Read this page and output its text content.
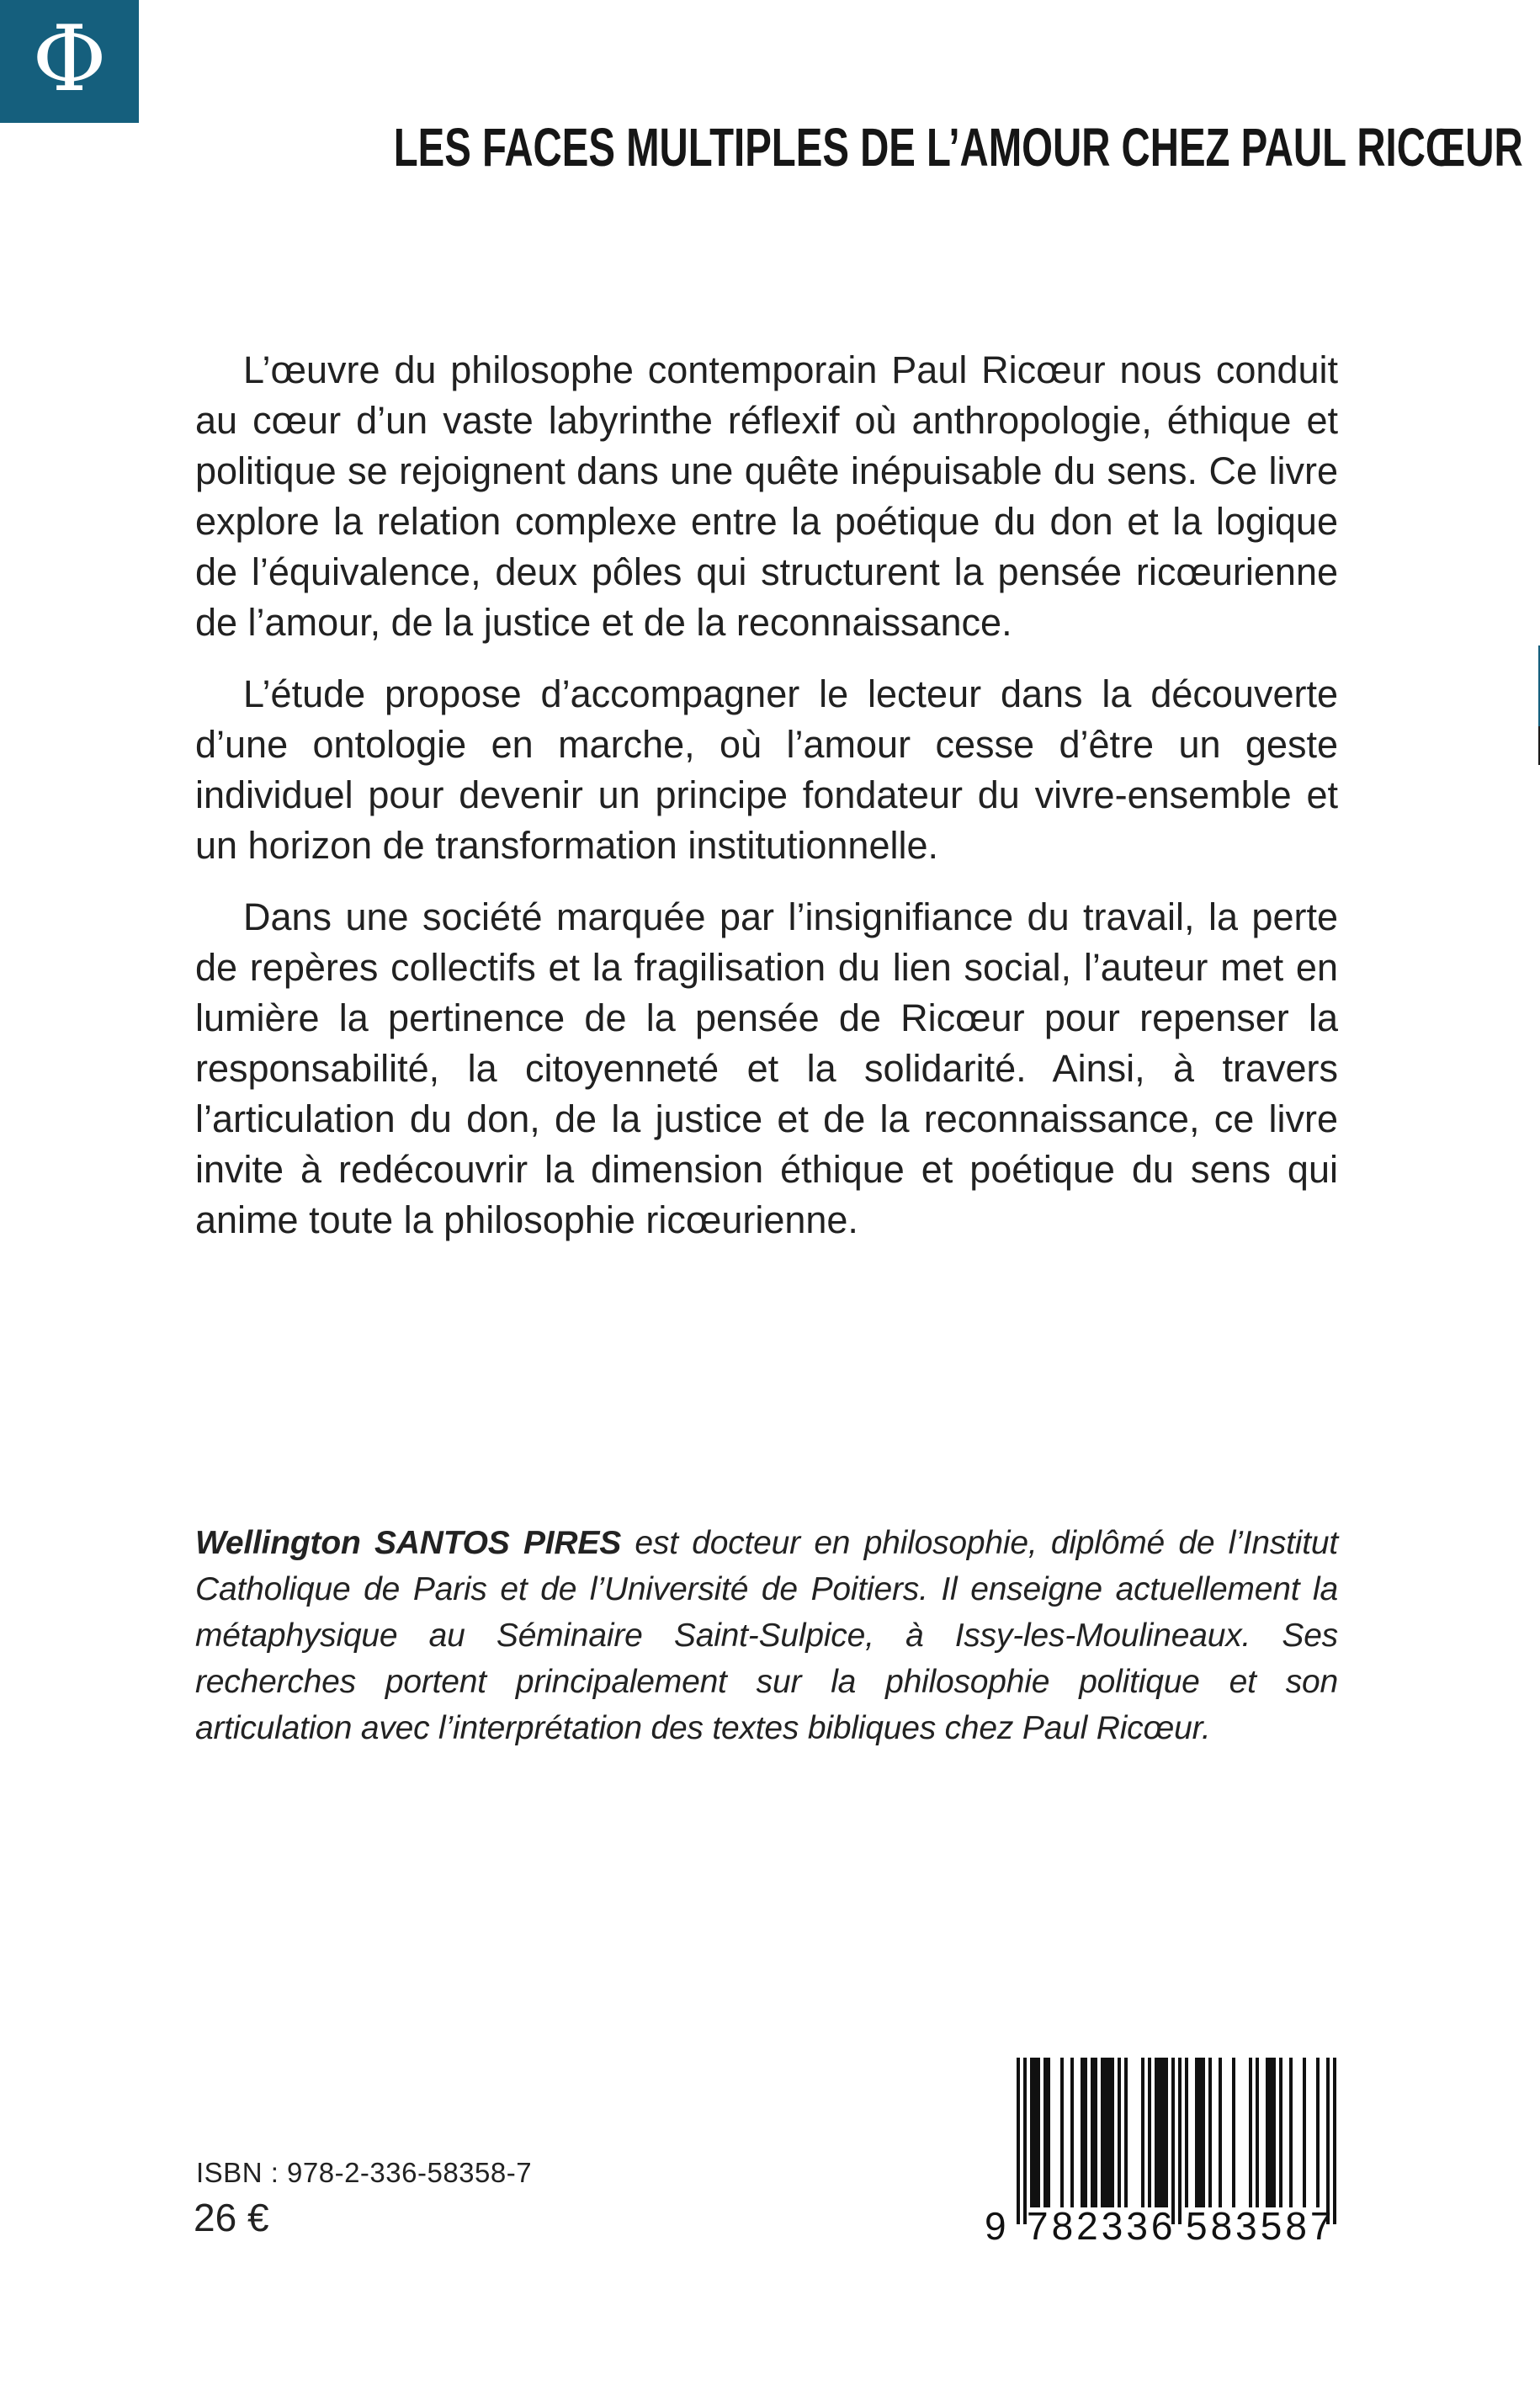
Φ
LES FACES MULTIPLES DE L’AMOUR CHEZ PAUL RICŒUR

L’œuvre du philosophe contemporain Paul Ricœur nous conduit au cœur d’un vaste labyrinthe réflexif où anthropologie, éthique et politique se rejoignent dans une quête inépuisable du sens. Ce livre explore la relation complexe entre la poétique du don et la logique de l’équivalence, deux pôles qui structurent la pensée ricœurienne de l’amour, de la justice et de la reconnaissance.

L’étude propose d’accompagner le lecteur dans la découverte d’une ontologie en marche, où l’amour cesse d’être un geste individuel pour devenir un principe fondateur du vivre-ensemble et un horizon de transformation institutionnelle.

Dans une société marquée par l’insignifiance du travail, la perte de repères collectifs et la fragilisation du lien social, l’auteur met en lumière la pertinence de la pensée de Ricœur pour repenser la responsabilité, la citoyenneté et la solidarité. Ainsi, à travers l’articulation du don, de la justice et de la reconnaissance, ce livre invite à redécouvrir la dimension éthique et poétique du sens qui anime toute la philosophie ricœurienne.

Wellington SANTOS PIRES est docteur en philosophie, diplômé de l’Institut Catholique de Paris et de l’Université de Poitiers. Il enseigne actuellement la métaphysique au Séminaire Saint-Sulpice, à Issy-les-Moulineaux. Ses recherches portent principalement sur la philosophie politique et son articulation avec l’interprétation des textes bibliques chez Paul Ricœur.
ISBN : 978-2-336-58358-7
26 €	9 782336 583587
